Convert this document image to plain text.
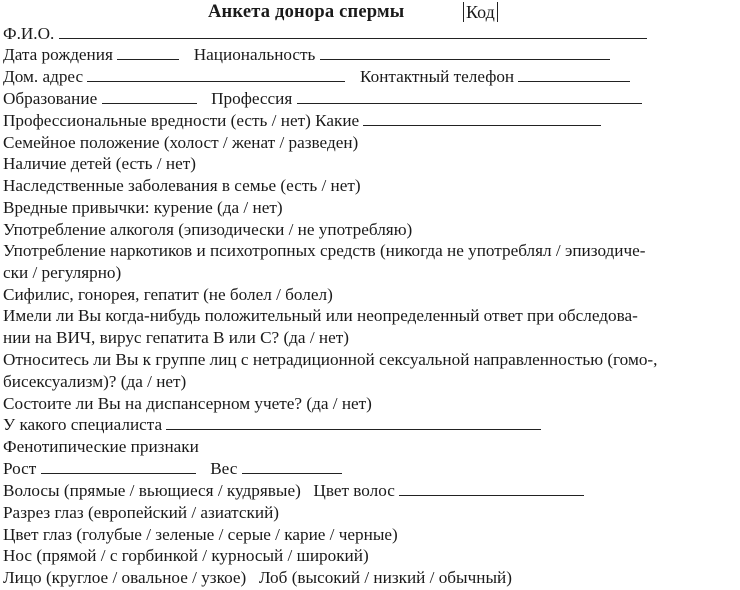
Анкета донора спермы	Код
Ф.И.О.
Дата рождения	Национальность
Дом. адрес	Контактный телефон
Образование	Профессия
Профессиональные вредности (есть / нет) Какие
Семейное положение (холост / женат / разведен)
Наличие детей (есть / нет)
Наследственные заболевания в семье (есть / нет)
Вредные привычки: курение (да / нет)
Употребление алкоголя (эпизодически / не употребляю)
Употребление наркотиков и психотропных средств (никогда не употреблял / эпизодиче-
ски / регулярно)
Сифилис, гонорея, гепатит (не болел / болел)
Имели ли Вы когда-нибудь положительный или неопределенный ответ при обследова-
нии на ВИЧ, вирус гепатита В или С? (да / нет)
Относитесь ли Вы к группе лиц с нетрадиционной сексуальной направленностью (гомо-,
бисексуализм)? (да / нет)
Состоите ли Вы на диспансерном учете? (да / нет)
У какого специалиста
Фенотипические признаки
Рост	Вес
Волосы (прямые / вьющиеся / кудрявые) Цвет волос
Разрез глаз (европейский / азиатский)
Цвет глаз (голубые / зеленые / серые / карие / черные)
Нос (прямой / с горбинкой / курносый / широкий)
Лицо (круглое / овальное / узкое) Лоб (высокий / низкий / обычный)
